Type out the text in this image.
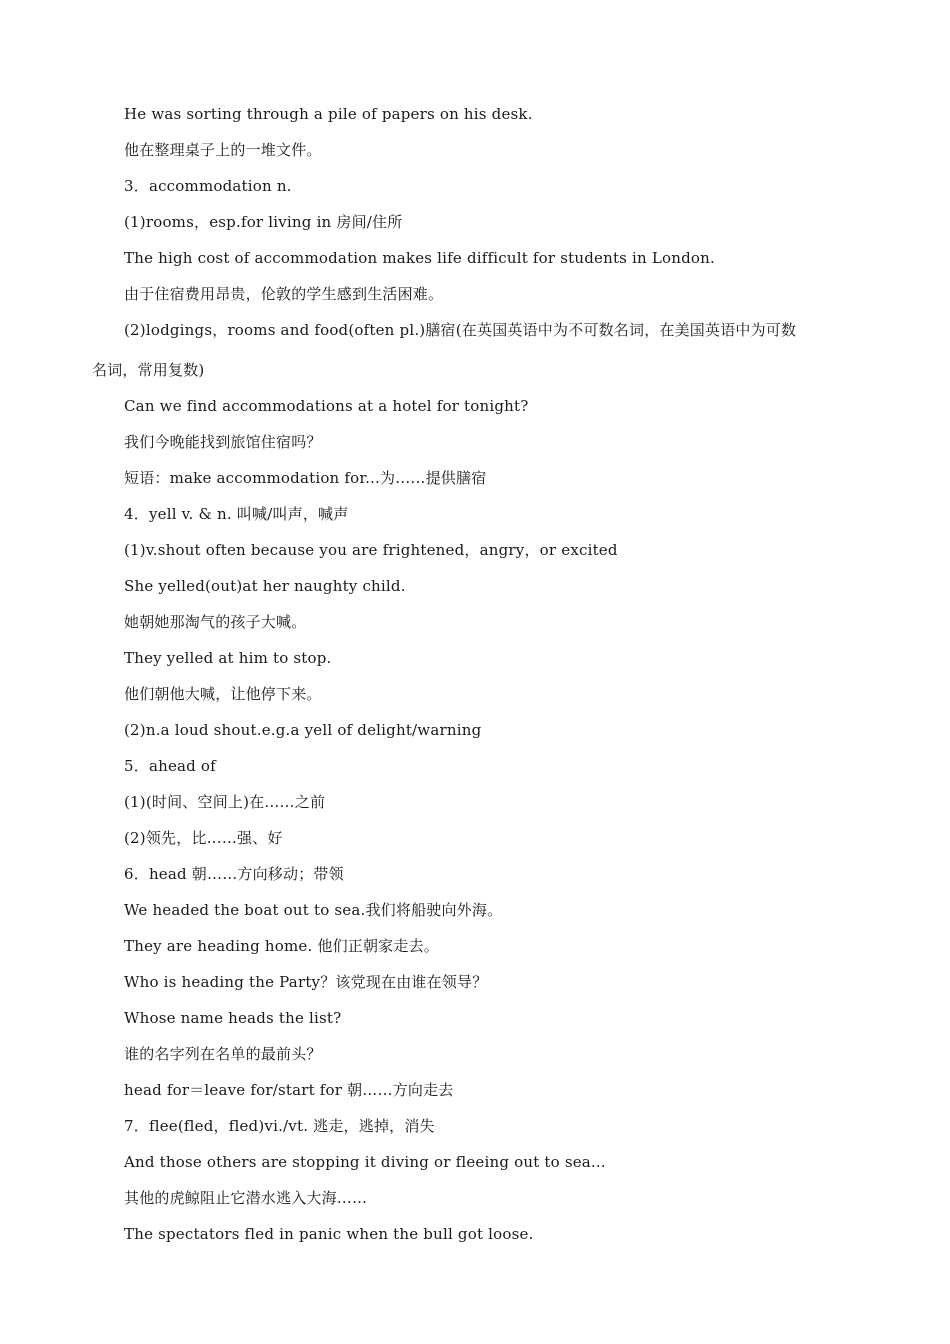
He was sorting through a pile of papers on his desk.
他在整理桌子上的一堆文件。
3．accommodation n.
(1)rooms，esp.for living in 房间/住所
The high cost of accommodation makes life difficult for students in London.
由于住宿费用昂贵，伦敦的学生感到生活困难。
(2)lodgings，rooms and food(often pl.)膳宿(在英国英语中为不可数名词，在美国英语中为可数
名词，常用复数)
Can we find accommodations at a hotel for tonight?
我们今晚能找到旅馆住宿吗？
短语：make accommodation for...为……提供膳宿
4．yell v. & n. 叫喊/叫声，喊声
(1)v.shout often because you are frightened，angry，or excited
She yelled(out)at her naughty child.
她朝她那淘气的孩子大喊。
They yelled at him to stop.
他们朝他大喊，让他停下来。
(2)n.a loud shout.e.g.a yell of delight/warning
5．ahead of
(1)(时间、空间上)在……之前
(2)领先，比……强、好
6．head 朝……方向移动；带领
We headed the boat out to sea.我们将船驶向外海。
They are heading home. 他们正朝家走去。
Who is heading the Party？该党现在由谁在领导？
Whose name heads the list?
谁的名字列在名单的最前头？
head for＝leave for/start for 朝……方向走去
7．flee(fled，fled)vi./vt. 逃走，逃掉，消失
And those others are stopping it diving or fleeing out to sea...
其他的虎鲸阻止它潜水逃入大海……
The spectators fled in panic when the bull got loose.
